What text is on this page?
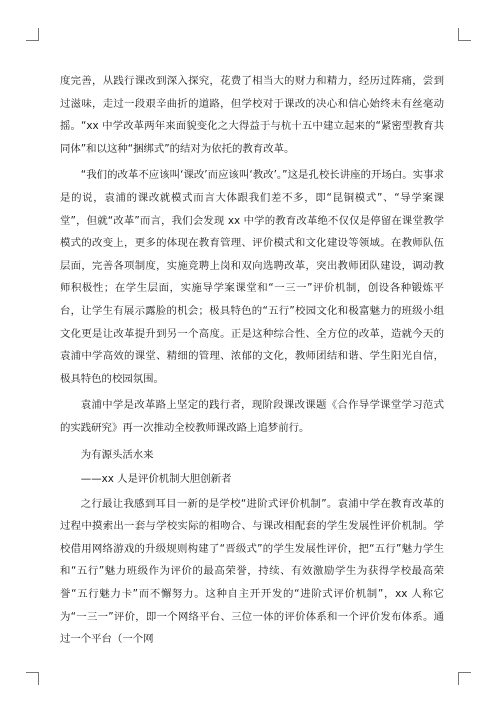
度完善，从践行课改到深入探究，花费了相当大的财力和精力，经历过阵痛，尝到过滋味，走过一段艰辛曲折的道路，但学校对于课改的决心和信心始终未有丝毫动摇。“xx 中学改革两年来面貌变化之大得益于与杭十五中建立起来的“紧密型教育共同体”和以这种“捆绑式”的结对为依托的教育改革。

“我们的改革不应该叫‘课改’而应该叫‘教改’。”这是孔校长讲座的开场白。实事求是的说，袁浦的课改就模式而言大体跟我们差不多，即“昆铜模式”、“导学案课堂”，但就“改革”而言，我们会发现 xx 中学的教育改革绝不仅仅是停留在课堂教学模式的改变上，更多的体现在教育管理、评价模式和文化建设等领域。在教师队伍层面，完善各项制度，实施竞聘上岗和双向选聘改革，突出教师团队建设，调动教师积极性；在学生层面，实施导学案课堂和“一三一”评价机制，创设各种锻炼平台，让学生有展示露脸的机会；极具特色的“五行”校园文化和极富魅力的班级小组文化更是让改革提升到另一个高度。正是这种综合性、全方位的改革，造就今天的袁浦中学高效的课堂、精细的管理、浓郁的文化，教师团结和谐、学生阳光自信，极具特色的校园氛围。

袁浦中学是改革路上坚定的践行者，现阶段课改课题《合作导学课堂学习范式的实践研究》再一次推动全校教师课改路上追梦前行。

为有源头活水来

——xx 人是评价机制大胆创新者

之行最让我感到耳目一新的是学校“进阶式评价机制”。袁浦中学在教育改革的过程中摸索出一套与学校实际的相吻合、与课改相配套的学生发展性评价机制。学校借用网络游戏的升级规则构建了“晋级式”的学生发展性评价，把“五行”魅力学生和“五行”魅力班级作为评价的最高荣誉，持续、有效激励学生为获得学校最高荣誉“五行魅力卡”而不懈努力。这种自主开开发的“进阶式评价机制”，xx 人称它为“一三一”评价，即一个网络平台、三位一体的评价体系和一个评价发布体系。通过一个平台（一个网
